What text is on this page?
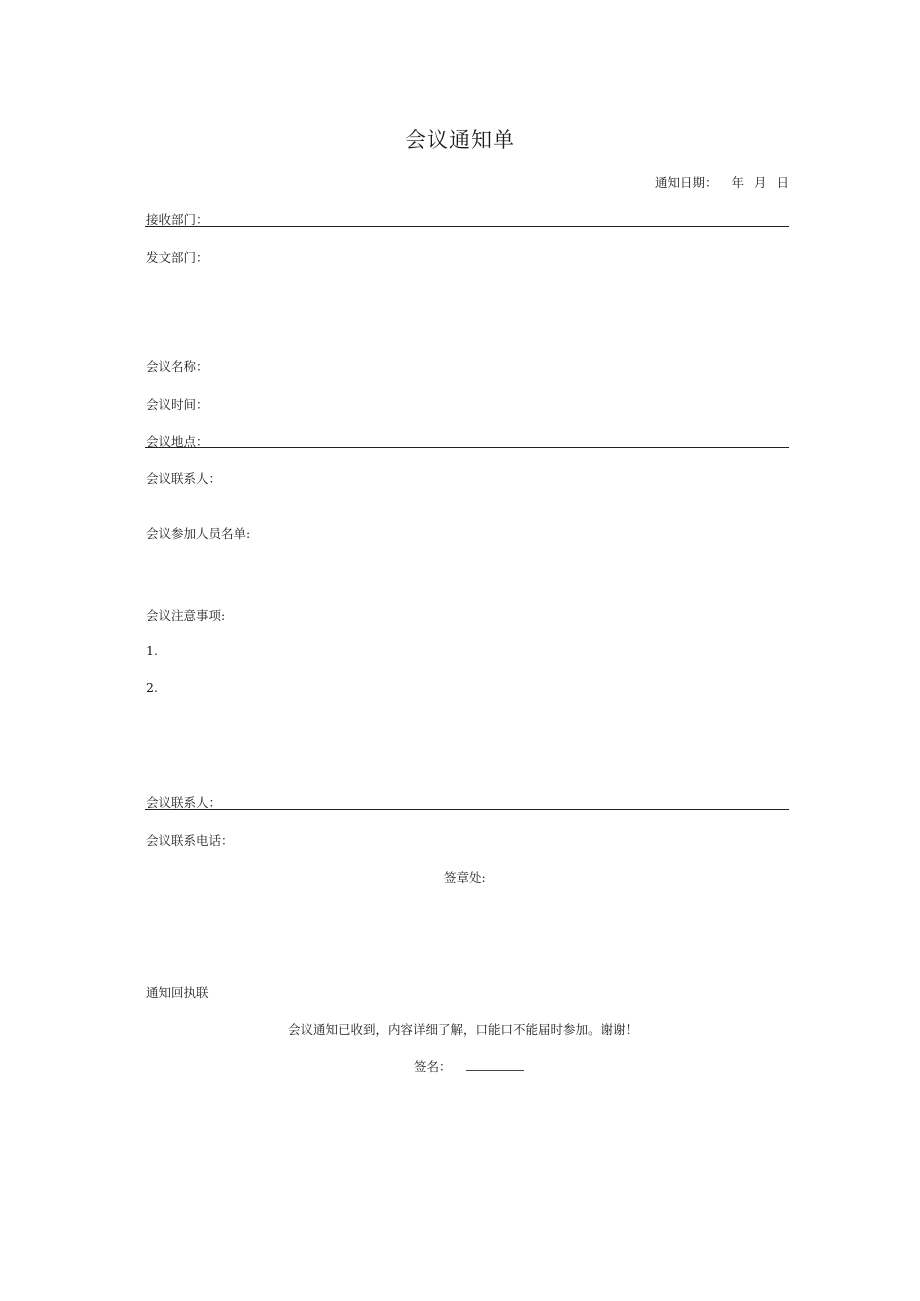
会议通知单
通知日期： 年 月 日
接收部门：
发文部门：
会议名称：
会议时间：
会议地点：
会议联系人：
会议参加人员名单:
会议注意事项:
1.
2.
会议联系人：
会议联系电话：
签章处:
通知回执联
会议通知已收到，内容详细了解，口能口不能届时参加。谢谢！
签名：
